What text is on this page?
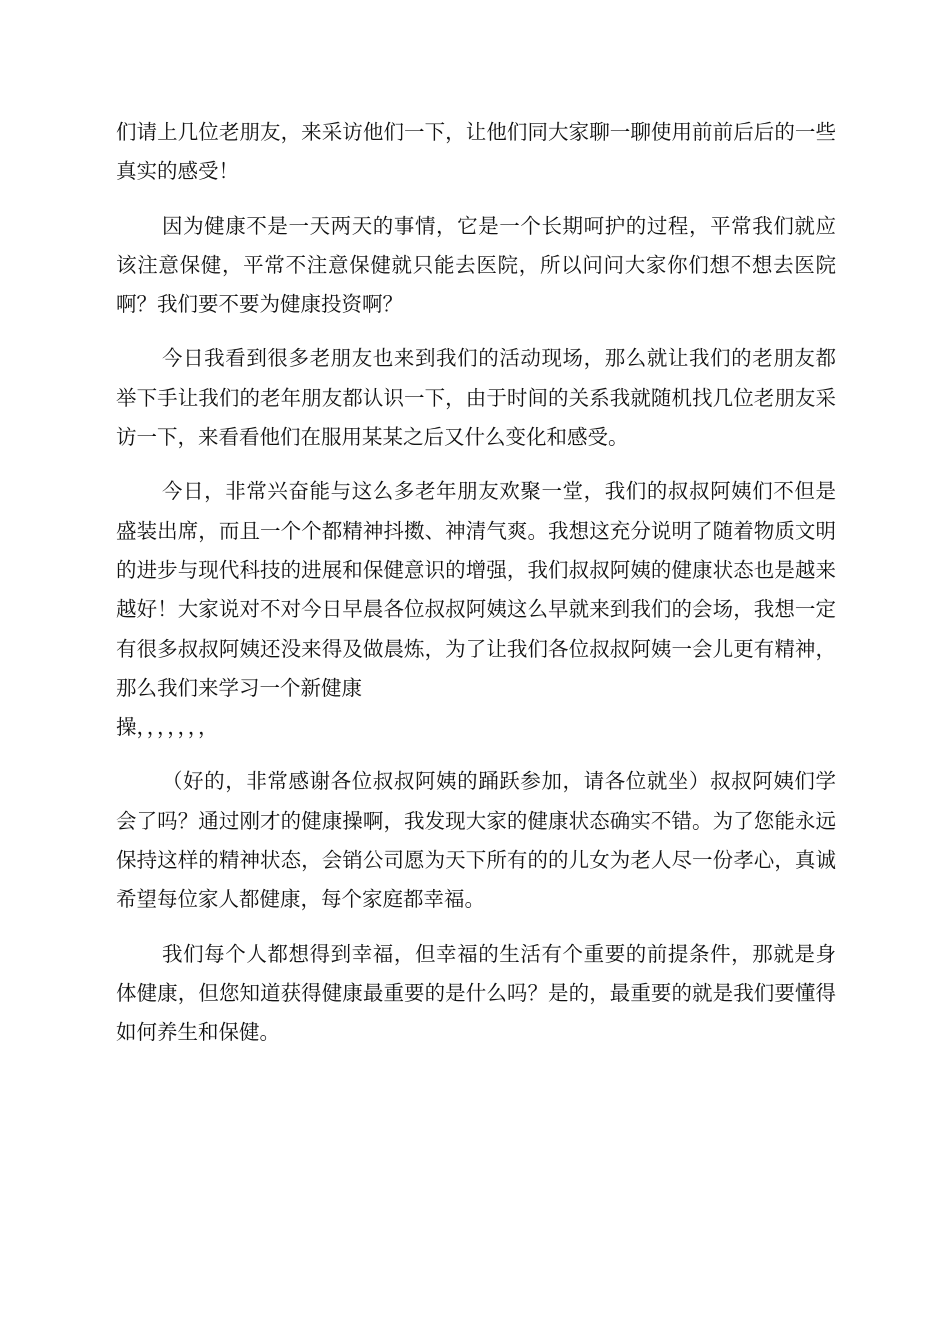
们请上几位老朋友，来采访他们一下，让他们同大家聊一聊使用前前后后的一些真实的感受！

因为健康不是一天两天的事情，它是一个长期呵护的过程，平常我们就应该注意保健，平常不注意保健就只能去医院，所以问问大家你们想不想去医院啊？我们要不要为健康投资啊？

今日我看到很多老朋友也来到我们的活动现场，那么就让我们的老朋友都举下手让我们的老年朋友都认识一下，由于时间的关系我就随机找几位老朋友采访一下，来看看他们在服用某某之后又什么变化和感受。

今日，非常兴奋能与这么多老年朋友欢聚一堂，我们的叔叔阿姨们不但是盛装出席，而且一个个都精神抖擞、神清气爽。我想这充分说明了随着物质文明的进步与现代科技的进展和保健意识的增强，我们叔叔阿姨的健康状态也是越来越好！大家说对不对今日早晨各位叔叔阿姨这么早就来到我们的会场，我想一定有很多叔叔阿姨还没来得及做晨炼，为了让我们各位叔叔阿姨一会儿更有精神，那么我们来学习一个新健康
操，，，，，，，

（好的，非常感谢各位叔叔阿姨的踊跃参加，请各位就坐）叔叔阿姨们学会了吗？通过刚才的健康操啊，我发现大家的健康状态确实不错。为了您能永远保持这样的精神状态，会销公司愿为天下所有的的儿女为老人尽一份孝心，真诚希望每位家人都健康，每个家庭都幸福。

我们每个人都想得到幸福，但幸福的生活有个重要的前提条件，那就是身体健康，但您知道获得健康最重要的是什么吗？是的，最重要的就是我们要懂得如何养生和保健。
